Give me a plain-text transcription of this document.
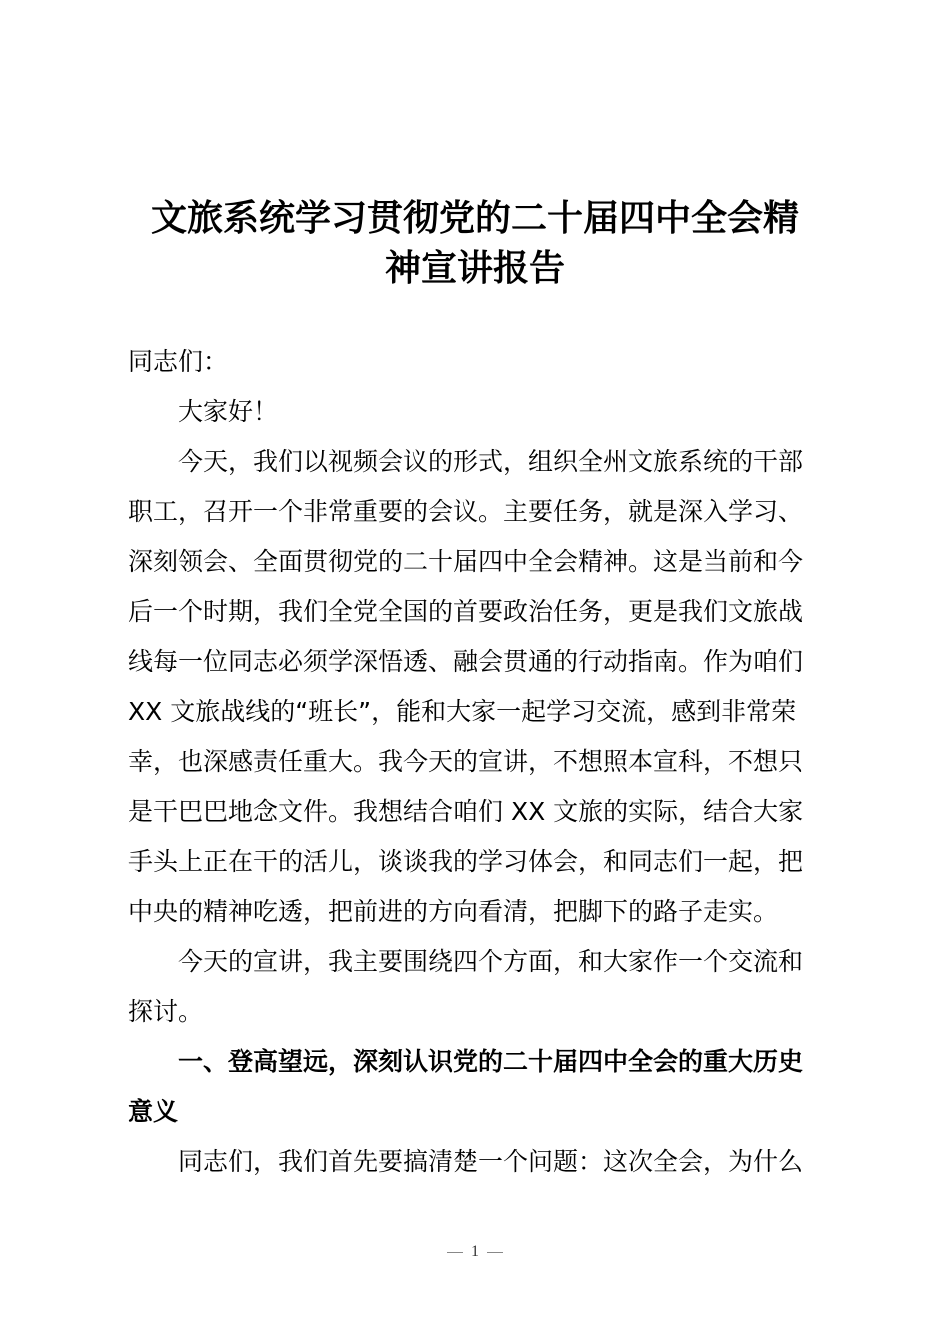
文旅系统学习贯彻党的二十届四中全会精
神宣讲报告
同志们：
大家好！
今天，我们以视频会议的形式，组织全州文旅系统的干部
职工，召开一个非常重要的会议。主要任务，就是深入学习、
深刻领会、全面贯彻党的二十届四中全会精神。这是当前和今
后一个时期，我们全党全国的首要政治任务，更是我们文旅战
线每一位同志必须学深悟透、融会贯通的行动指南。作为咱们
XX 文旅战线的“班长”，能和大家一起学习交流，感到非常荣
幸，也深感责任重大。我今天的宣讲，不想照本宣科，不想只
是干巴巴地念文件。我想结合咱们 XX 文旅的实际，结合大家
手头上正在干的活儿，谈谈我的学习体会，和同志们一起，把
中央的精神吃透，把前进的方向看清，把脚下的路子走实。
今天的宣讲，我主要围绕四个方面，和大家作一个交流和
探讨。
一、登高望远，深刻认识党的二十届四中全会的重大历史
意义
同志们，我们首先要搞清楚一个问题：这次全会，为什么
1
